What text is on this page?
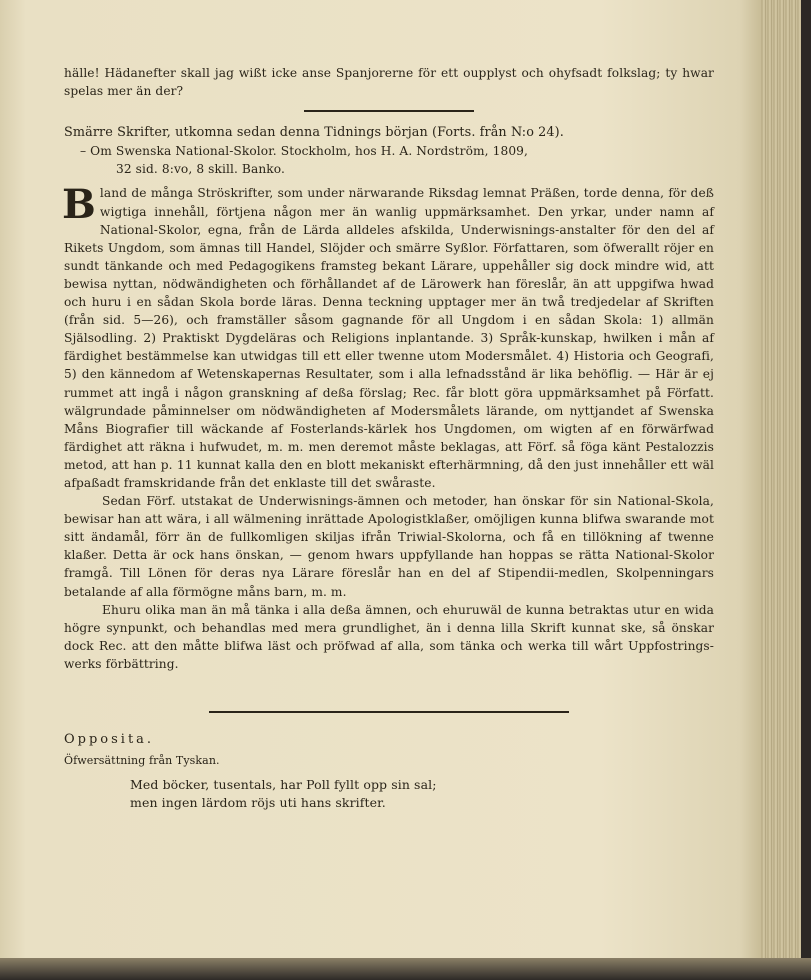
hälle! Hädanefter skall jag wißt icke anse Spanjorerne för ett oupplyst och ohyfsadt folkslag; ty hwar spelas mer än der?

Smärre Skrifter, utkomna sedan denna Tidnings början (Forts. från N:o 24).

– Om Swenska National-Skolor. Stockholm, hos H. A. Nordström, 1809,

32 sid. 8:vo, 8 skill. Banko.

Bland de många Ströskrifter, som under närwarande Riksdag lemnat Präßen, torde denna, för deß wigtiga innehåll, förtjena någon mer än wanlig uppmärksamhet. Den yrkar, under namn af National-Skolor, egna, från de Lärda alldeles afskilda, Underwisnings-anstalter för den del af Rikets Ungdom, som ämnas till Handel, Slöjder och smärre Syßlor. Författaren, som öfwerallt röjer en sundt tänkande och med Pedagogikens framsteg bekant Lärare, uppehåller sig dock mindre wid, att bewisa nyttan, nödwändigheten och förhållandet af de Lärowerk han föreslår, än att uppgifwa hwad och huru i en sådan Skola borde läras. Denna teckning upptager mer än twå tredjedelar af Skriften (från sid. 5—26), och framställer såsom gagnande för all Ungdom i en sådan Skola: 1) allmän Själsodling. 2) Praktiskt Dygdeläras och Religions inplantande. 3) Språk-kunskap, hwilken i mån af färdighet bestämmelse kan utwidgas till ett eller twenne utom Modersmålet. 4) Historia och Geografi, 5) den kännedom af Wetenskapernas Resultater, som i alla lefnadsstånd är lika behöflig. — Här är ej rummet att ingå i någon granskning af deßa förslag; Rec. får blott göra uppmärksamhet på Författ. wälgrundade påminnelser om nödwändigheten af Modersmålets lärande, om nyttjandet af Swenska Måns Biografier till wäckande af Fosterlands-kärlek hos Ungdomen, om wigten af en förwärfwad färdighet att räkna i hufwudet, m. m. men deremot måste beklagas, att Förf. så föga känt Pestalozzis metod, att han p. 11 kunnat kalla den en blott mekaniskt efterhärmning, då den just innehåller ett wäl afpaßadt framskridande från det enklaste till det swåraste.

Sedan Förf. utstakat de Underwisnings-ämnen och metoder, han önskar för sin National-Skola, bewisar han att wära, i all wälmening inrättade Apologistklaßer, omöjligen kunna blifwa swarande mot sitt ändamål, förr än de fullkomligen skiljas ifrån Triwial-Skolorna, och få en tillökning af twenne klaßer. Detta är ock hans önskan, — genom hwars uppfyllande han hoppas se rätta National-Skolor framgå. Till Lönen för deras nya Lärare föreslår han en del af Stipendii-medlen, Skolpenningars betalande af alla förmögne måns barn, m. m.

Ehuru olika man än må tänka i alla deßa ämnen, och ehuruwäl de kunna betraktas utur en wida högre synpunkt, och behandlas med mera grundlighet, än i denna lilla Skrift kunnat ske, så önskar dock Rec. att den måtte blifwa läst och pröfwad af alla, som tänka och werka till wårt Uppfostrings-werks förbättring.

Opposita.

Öfwersättning från Tyskan.

Med böcker, tusentals, har Poll fyllt opp sin sal;

men ingen lärdom röjs uti hans skrifter.
